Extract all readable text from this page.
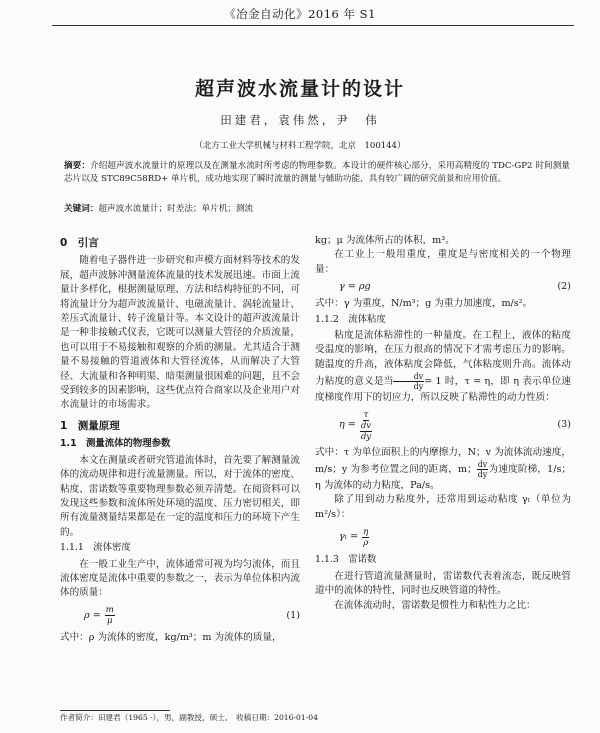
《冶金自动化》2016 年 S1
超声波水流量计的设计
田建君，袁伟然，尹　伟
（北方工业大学机械与材料工程学院，北京　100144）
摘要：介绍超声波水流量计的原理以及在测量水流时所考虑的物理参数。本设计的硬件核心部分，采用高精度的 TDC-GP2 时间测量芯片以及 STC89C58RD+ 单片机，成功地实现了瞬时流量的测量与辅助功能，具有较广阔的研究前景和应用价值。
关键词：超声波水流量计；时差法；单片机；测流
0　引言

随着电子器件进一步研究和声模方面材料等技术的发展，超声波脉冲测量流体流量的技术发展迅速。市面上流量计多样化，根据测量原理、方法和结构特征的不同，可将流量计分为超声波流量计、电磁流量计、涡轮流量计、差压式流量计、转子流量计等。本文设计的超声波流量计是一种非接触式仪表，它既可以测量大管径的介质流量，也可以用于不易接触和观察的介质的测量。尤其适合于测量不易接触的管道液体和大管径流体，从而解决了大管径、大流量和各种明渠、暗渠测量很困难的问题，且不会受到较多的因素影响，这些优点符合商家以及企业用户对水流量计的市场需求。

1　测量原理
1.1　测量流体的物理参数

本文在测量或者研究管道流体时，首先要了解测量流体的流动规律和进行流量测量。所以，对于流体的密度、粘度、雷诺数等重要物理参数必须弄清楚。在阅资料可以发现这些参数和流体所处环境的温度、压力密切相关，即所有流量测量结果都是在一定的温度和压力的环境下产生的。

1.1.1　流体密度

在一般工业生产中，流体通常可视为均匀流体，而且流体密度是流体中重要的参数之一，表示为单位体积内流体的质量：

$\rho = \frac{m}{\mu}$	(1)

式中：ρ 为流体的密度，kg/m³；m 为流体的质量，

kg；μ 为流体所占的体积，m³。

在工业上一般用重度，重度是与密度相关的一个物理量：

γ = ρg	(2)

式中：γ 为重度，N/m³；g 为重力加速度，m/s²。

1.1.2　流体粘度

粘度是流体粘滞性的一种量度。在工程上，液体的粘度受温度的影响，在压力很高的情况下才需考虑压力的影响。随温度的升高，液体粘度会降低，气体粘度则升高。流体动力粘度的意义是当 $\frac{dv}{dy} = 1$ 时，τ = η，即 η 表示单位速度梯度作用下的切应力，所以反映了粘滞性的动力性质：

$\eta = \frac{\tau}{\frac{dv}{dy}}$	(3)

式中：τ 为单位面积上的内摩擦力，N；v 为流体流动速度，m/s；y 为参考位置之间的距离，m； $\frac{dv}{dy}$ 为速度阶梯，1/s；η 为流体的动力粘度，Pa/s。

除了用到动力粘度外，还常用到运动粘度 γₗ（单位为 m²/s）：

$\gamma_l = \frac{\eta}{\rho}$
1.1.3　雷诺数

在进行管道流量测量时，雷诺数代表着流态，既反映管道中的流体的特性，同时也反映管道的特性。

在流体流动时，雷诺数是惯性力和粘性力之比：

作者简介：田建君（1965 -），男，副教授，硕士。　收稿日期：2016-01-04
